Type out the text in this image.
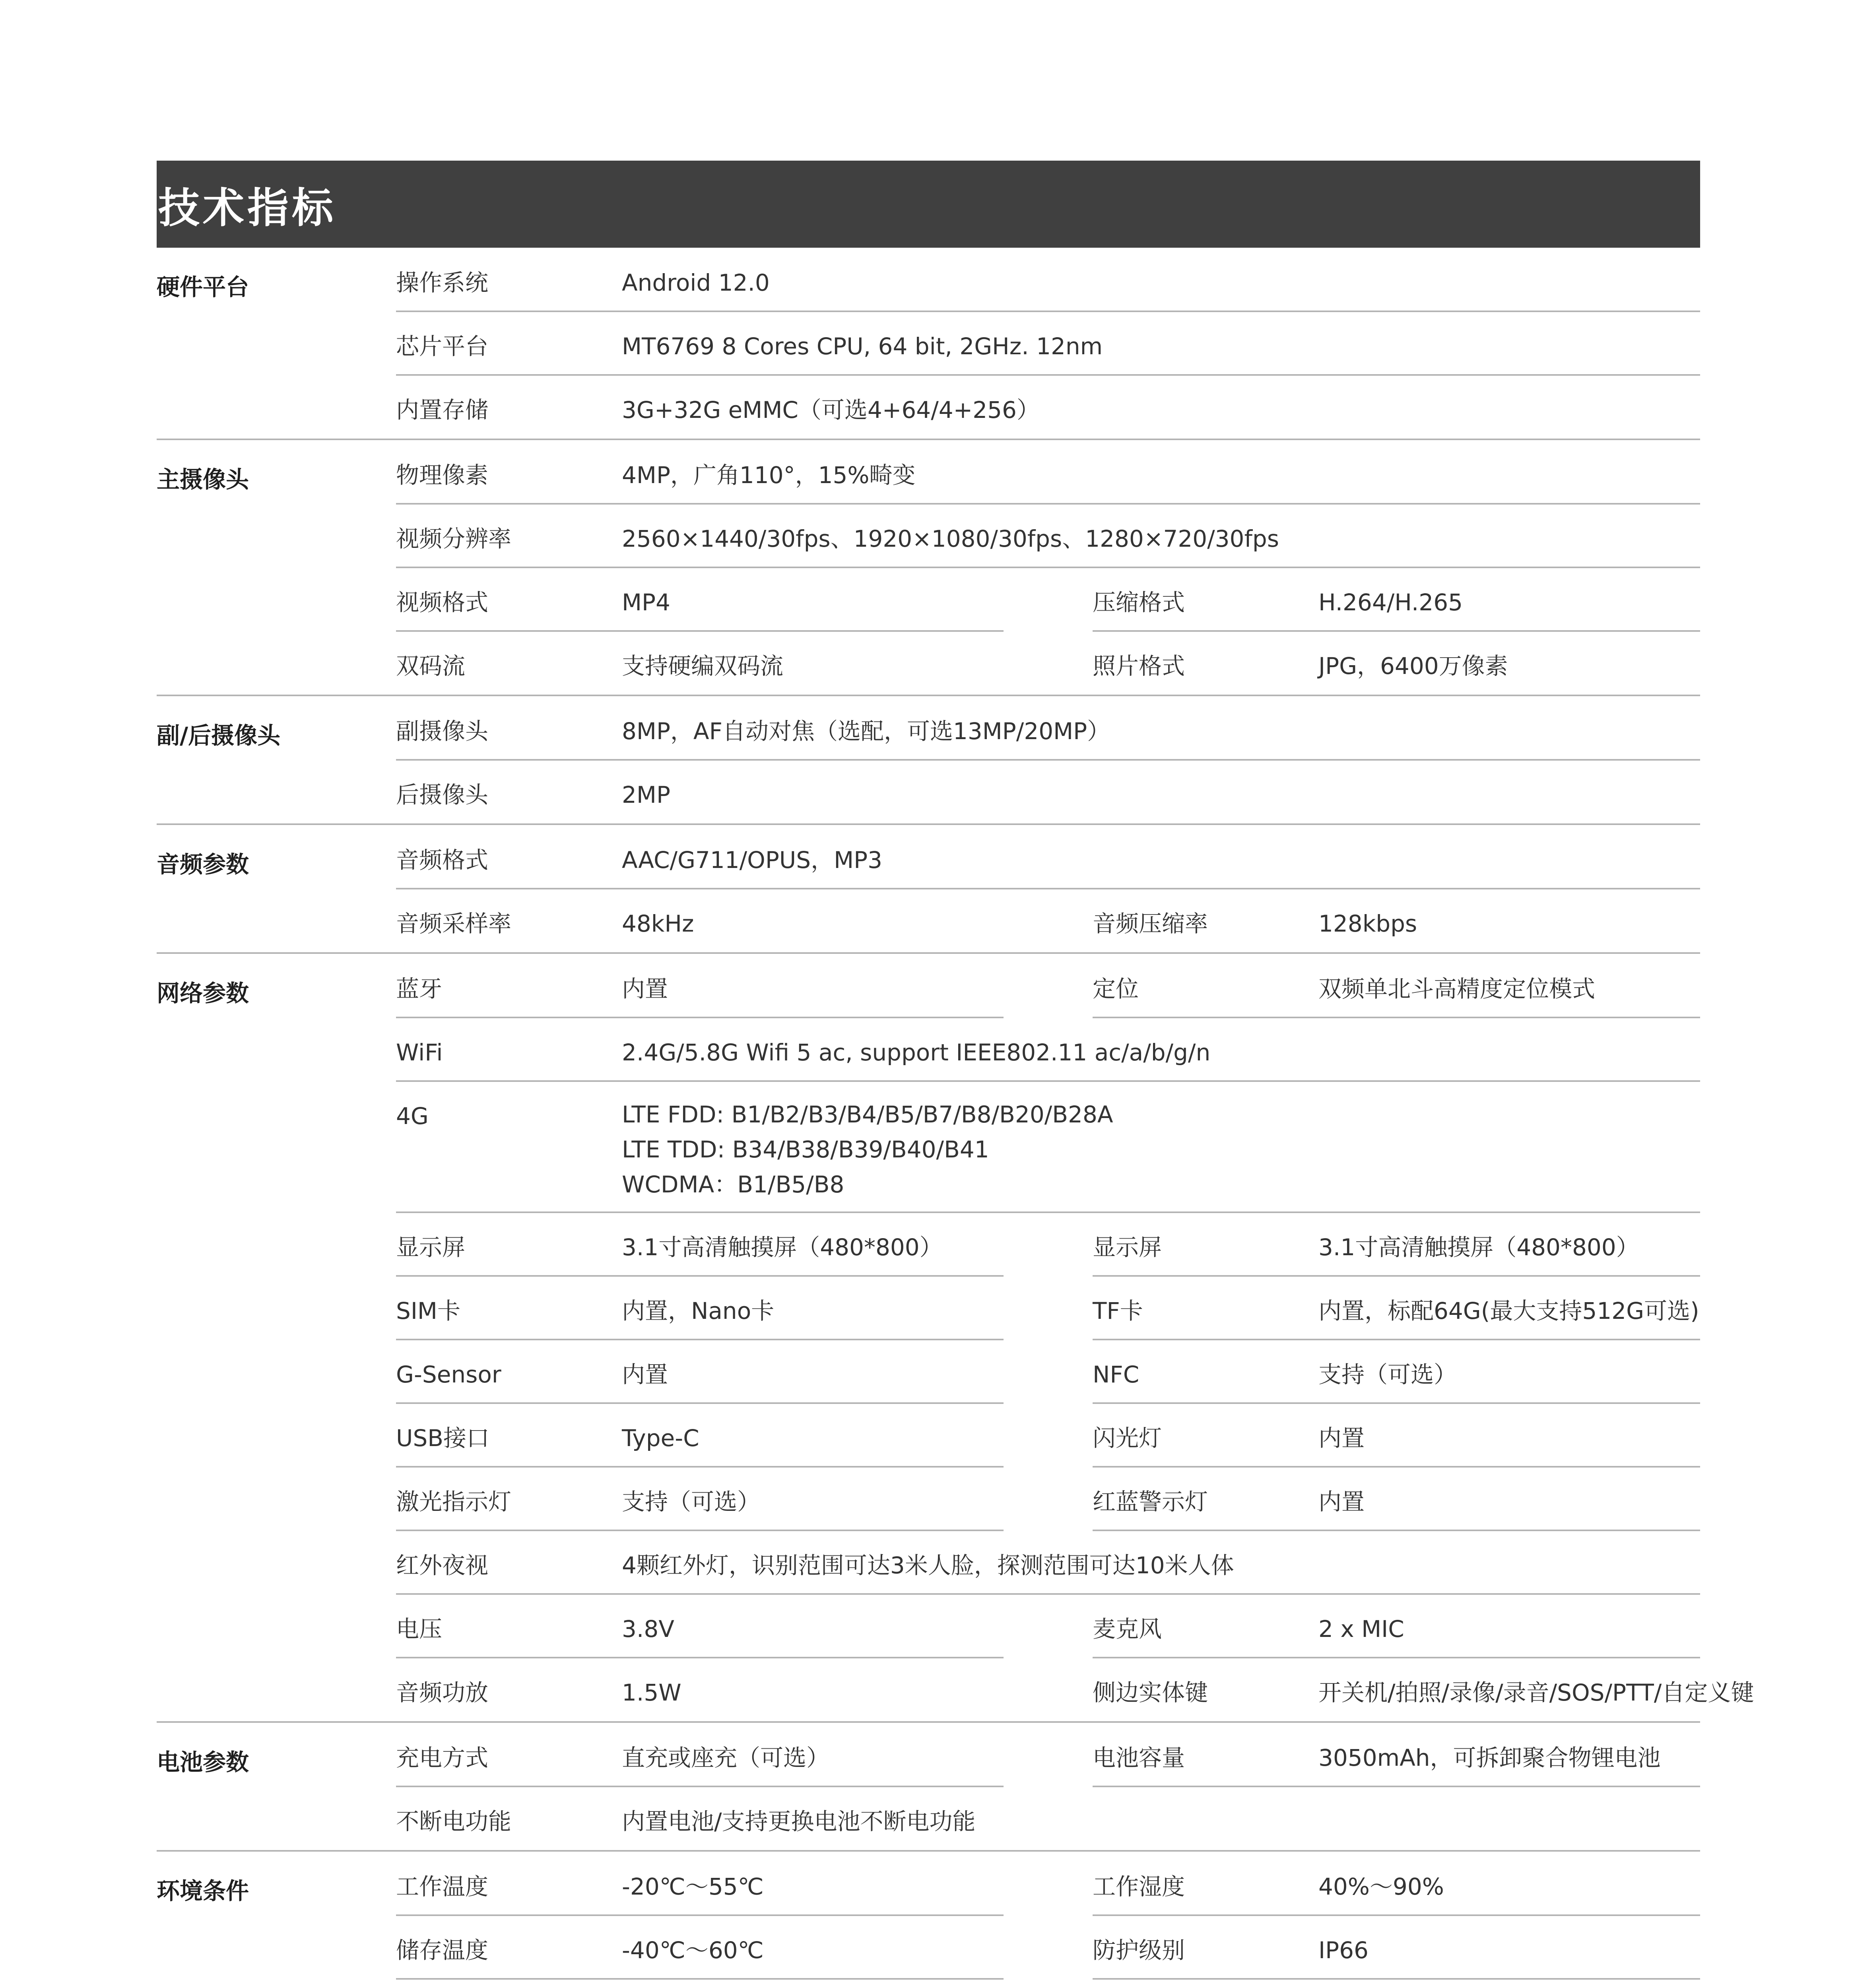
技术指标
硬件平台	操作系统	Android 12.0
芯片平台	MT6769 8 Cores CPU, 64 bit, 2GHz. 12nm
内置存储	3G+32G eMMC（可选4+64/4+256）
主摄像头	物理像素	4MP，广角110°，15%畸变
视频分辨率	2560×1440/30fps、1920×1080/30fps、1280×720/30fps
视频格式	MP4	压缩格式	H.264/H.265
双码流	支持硬编双码流	照片格式	JPG，6400万像素
副/后摄像头	副摄像头	8MP，AF自动对焦（选配，可选13MP/20MP）
后摄像头	2MP
音频参数	音频格式	AAC/G711/OPUS，MP3
音频采样率	48kHz	音频压缩率	128kbps
网络参数	蓝牙	内置	定位	双频单北斗高精度定位模式
WiFi	2.4G/5.8G Wifi 5 ac, support IEEE802.11 ac/a/b/g/n
4G	LTE FDD: B1/B2/B3/B4/B5/B7/B8/B20/B28A
LTE TDD: B34/B38/B39/B40/B41
WCDMA：B1/B5/B8
显示屏	3.1寸高清触摸屏（480*800）	显示屏	3.1寸高清触摸屏（480*800）
SIM卡	内置，Nano卡	TF卡	内置，标配64G(最大支持512G可选)
G-Sensor	内置	NFC	支持（可选）
USB接口	Type-C	闪光灯	内置
激光指示灯	支持（可选）	红蓝警示灯	内置
红外夜视	4颗红外灯，识别范围可达3米人脸，探测范围可达10米人体
电压	3.8V	麦克风	2 x MIC
音频功放	1.5W	侧边实体键	开关机/拍照/录像/录音/SOS/PTT/自定义键
电池参数	充电方式	直充或座充（可选）	电池容量	3050mAh，可拆卸聚合物锂电池
不断电功能	内置电池/支持更换电池不断电功能
环境条件	工作温度	-20℃～55℃	工作湿度	40%～90%
储存温度	-40℃～60℃	防护级别	IP66
